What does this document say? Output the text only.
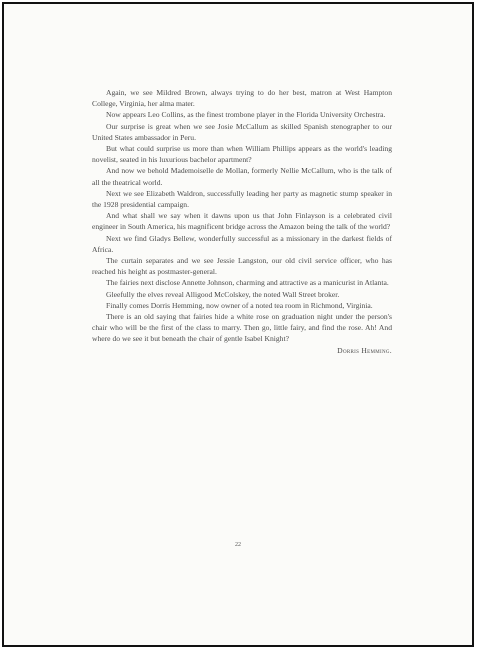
Again, we see Mildred Brown, always trying to do her best, matron at West Hampton College, Virginia, her alma mater.

Now appears Leo Collins, as the finest trombone player in the Florida University Orchestra.

Our surprise is great when we see Josie McCallum as skilled Spanish stenographer to our United States ambassador in Peru.

But what could surprise us more than when William Phillips appears as the world's leading novelist, seated in his luxurious bachelor apartment?

And now we behold Mademoiselle de Mollan, formerly Nellie McCallum, who is the talk of all the theatrical world.

Next we see Elizabeth Waldron, successfully leading her party as magnetic stump speaker in the 1928 presidential campaign.

And what shall we say when it dawns upon us that John Finlayson is a celebrated civil engineer in South America, his magnificent bridge across the Amazon being the talk of the world?

Next we find Gladys Bellew, wonderfully successful as a missionary in the darkest fields of Africa.

The curtain separates and we see Jessie Langston, our old civil service officer, who has reached his height as postmaster-general.

The fairies next disclose Annette Johnson, charming and attractive as a manicurist in Atlanta.

Gleefully the elves reveal Alligood McColskey, the noted Wall Street broker.

Finally comes Dorris Hemming, now owner of a noted tea room in Richmond, Virginia.

There is an old saying that fairies hide a white rose on graduation night under the person's chair who will be the first of the class to marry. Then go, little fairy, and find the rose. Ah! And where do we see it but beneath the chair of gentle Isabel Knight?

Dorris Hemming.

22
